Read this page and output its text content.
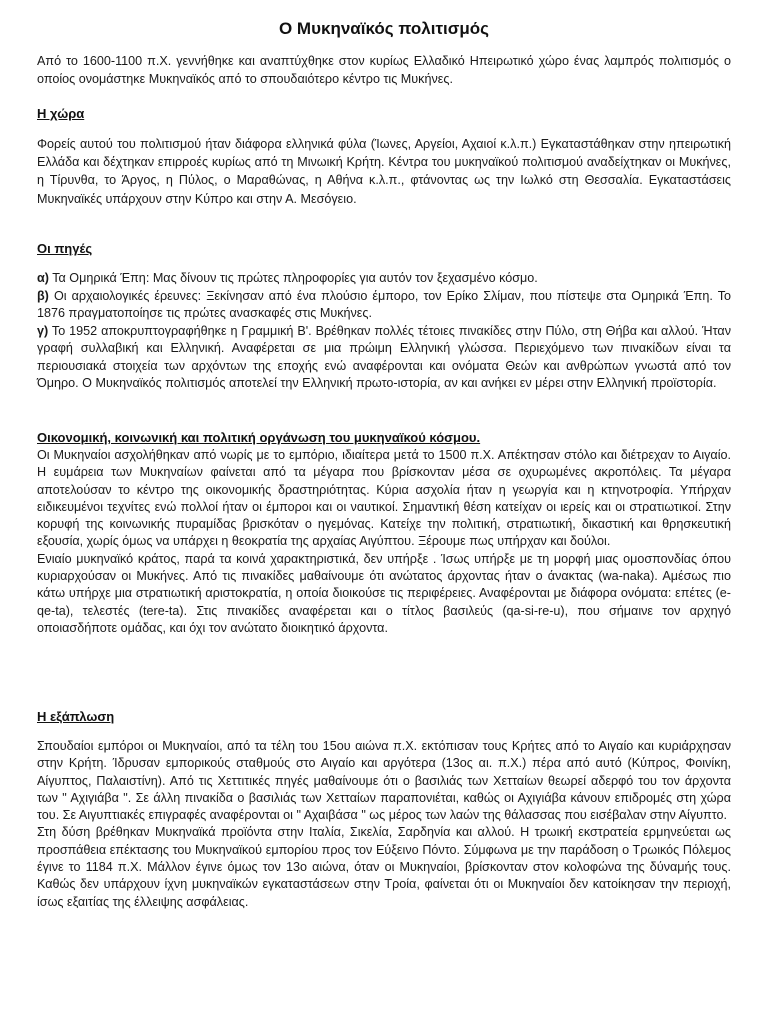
Ο Μυκηναϊκός πολιτισμός

Από το 1600-1100 π.Χ. γεννήθηκε και αναπτύχθηκε στον κυρίως Ελλαδικό Ηπειρωτικό χώρο ένας λαμπρός πολιτισμός ο οποίος ονομάστηκε Μυκηναϊκός από το σπουδαιότερο κέντρο τις Μυκήνες.

Η χώρα

Φορείς αυτού του πολιτισμού ήταν διάφορα ελληνικά φύλα (Ίωνες, Αργείοι, Αχαιοί κ.λ.π.) Εγκαταστάθηκαν στην ηπειρωτική Ελλάδα και δέχτηκαν επιρροές κυρίως από τη Μινωική Κρήτη. Κέντρα του μυκηναϊκού πολιτισμού αναδείχτηκαν οι Μυκήνες, η Τίρυνθα, το Άργος, η Πύλος, ο Μαραθώνας, η Αθήνα κ.λ.π., φτάνοντας ως την Ιωλκό στη Θεσσαλία. Εγκαταστάσεις Μυκηναϊκές υπάρχουν στην Κύπρο και στην Α. Μεσόγειο.

Οι πηγές
α) Τα Ομηρικά Έπη: Μας δίνουν τις πρώτες πληροφορίες για αυτόν τον ξεχασμένο κόσμο.
β) Οι αρχαιολογικές έρευνες: Ξεκίνησαν από ένα πλούσιο έμπορο, τον Ερίκο Σλίμαν, που πίστεψε στα Ομηρικά Έπη. Το 1876 πραγματοποίησε τις πρώτες ανασκαφές στις Μυκήνες.
γ) Το 1952 αποκρυπτογραφήθηκε η Γραμμική Β'. Βρέθηκαν πολλές τέτοιες πινακίδες στην Πύλο, στη Θήβα και αλλού. Ήταν γραφή συλλαβική και Ελληνική. Αναφέρεται σε μια πρώιμη Ελληνική γλώσσα. Περιεχόμενο των πινακίδων είναι τα περιουσιακά στοιχεία των αρχόντων της εποχής ενώ αναφέρονται και ονόματα Θεών και ανθρώπων γνωστά από τον Όμηρο. Ο Μυκηναϊκός πολιτισμός αποτελεί την Ελληνική πρωτο-ιστορία, αν και ανήκει εν μέρει στην Ελληνική προϊστορία.
Οικονομική, κοινωνική και πολιτική οργάνωση του μυκηναϊκού κόσμου.
Οι Μυκηναίοι ασχολήθηκαν από νωρίς με το εμπόριο, ιδιαίτερα μετά το 1500 π.Χ. Απέκτησαν στόλο και διέτρεχαν το Αιγαίο. Η ευμάρεια των Μυκηναίων φαίνεται από τα μέγαρα που βρίσκονταν μέσα σε οχυρωμένες ακροπόλεις. Τα μέγαρα αποτελούσαν το κέντρο της οικονομικής δραστηριότητας. Κύρια ασχολία ήταν η γεωργία και η κτηνοτροφία. Υπήρχαν ειδικευμένοι τεχνίτες ενώ πολλοί ήταν οι έμποροι και οι ναυτικοί. Σημαντική θέση κατείχαν οι ιερείς και οι στρατιωτικοί. Στην κορυφή της κοινωνικής πυραμίδας βρισκόταν ο ηγεμόνας. Κατείχε την πολιτική, στρατιωτική, δικαστική και θρησκευτική εξουσία, χωρίς όμως να υπάρχει η θεοκρατία της αρχαίας Αιγύπτου. Ξέρουμε πως υπήρχαν και δούλοι.
Ενιαίο μυκηναϊκό κράτος, παρά τα κοινά χαρακτηριστικά, δεν υπήρξε . Ίσως υπήρξε με τη μορφή μιας ομοσπονδίας όπου κυριαρχούσαν οι Μυκήνες. Από τις πινακίδες μαθαίνουμε ότι ανώτατος άρχοντας ήταν ο άνακτας (wa-naka). Αμέσως πιο κάτω υπήρχε μια στρατιωτική αριστοκρατία, η οποία διοικούσε τις περιφέρειες. Αναφέρονται με διάφορα ονόματα: επέτες (e-qe-ta), τελεστές (tere-ta). Στις πινακίδες αναφέρεται και ο τίτλος βασιλεύς (qa-si-re-u), που σήμαινε τον αρχηγό οποιασδήποτε ομάδας, και όχι τον ανώτατο διοικητικό άρχοντα.
Η εξάπλωση
Σπουδαίοι εμπόροι οι Μυκηναίοι, από τα τέλη του 15ου αιώνα π.Χ. εκτόπισαν τους Κρήτες από το Αιγαίο και κυριάρχησαν στην Κρήτη. Ίδρυσαν εμπορικούς σταθμούς στο Αιγαίο και αργότερα (13ος αι. π.Χ.) πέρα από αυτό (Κύπρος, Φοινίκη, Αίγυπτος, Παλαιστίνη). Από τις Χεττιτικές πηγές μαθαίνουμε ότι ο βασιλιάς των Χετταίων θεωρεί αδερφό του τον άρχοντα των " Αχιγιάβα ". Σε άλλη πινακίδα ο βασιλιάς των Χετταίων παραπονιέται, καθώς οι Αχιγιάβα κάνουν επιδρομές στη χώρα του. Σε Αιγυπτιακές επιγραφές αναφέρονται οι " Αχαιβάσα " ως μέρος των λαών της θάλασσας που εισέβαλαν στην Αίγυπτο.
Στη δύση βρέθηκαν Μυκηναϊκά προϊόντα στην Ιταλία, Σικελία, Σαρδηνία και αλλού. Η τρωική εκστρατεία ερμηνεύεται ως προσπάθεια επέκτασης του Μυκηναϊκού εμπορίου προς τον Εύξεινο Πόντο. Σύμφωνα με την παράδοση ο Τρωικός Πόλεμος έγινε το 1184 π.Χ. Μάλλον έγινε όμως τον 13ο αιώνα, όταν οι Μυκηναίοι, βρίσκονταν στον κολοφώνα της δύναμής τους. Καθώς δεν υπάρχουν ίχνη μυκηναϊκών εγκαταστάσεων στην Τροία, φαίνεται ότι οι Μυκηναίοι δεν κατοίκησαν την περιοχή, ίσως εξαιτίας της έλλειψης ασφάλειας.
